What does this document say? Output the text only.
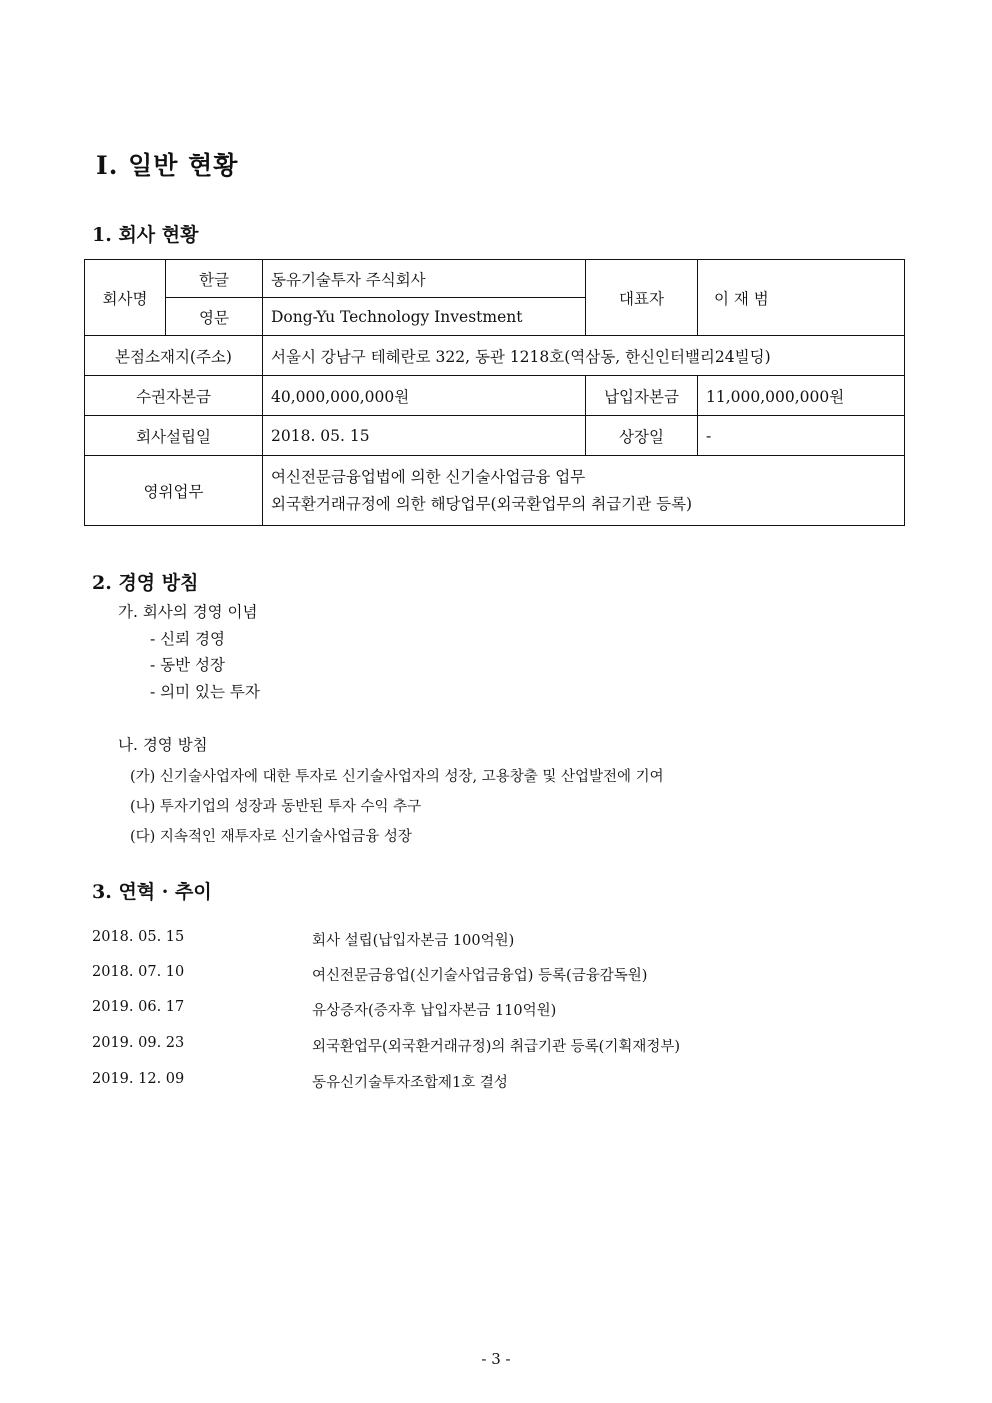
Ⅰ. 일반 현황
1. 회사 현황
회사명	한글	동유기술투자 주식회사	대표자	이 재 범
	영문	Dong-Yu Technology Investment		
본점소재지(주소)		서울시 강남구 테헤란로 322, 동관 1218호(역삼동, 한신인터밸리24빌딩)		
수권자본금		40,000,000,000원	납입자본금	11,000,000,000원
회사설립일		2018. 05. 15	상장일	-
영위업무		여신전문금융업법에 의한 신기술사업금융 업무
외국환거래규정에 의한 해당업무(외국환업무의 취급기관 등록)		
2. 경영 방침
가. 회사의 경영 이념
- 신뢰 경영
- 동반 성장
- 의미 있는 투자
나. 경영 방침
(가) 신기술사업자에 대한 투자로 신기술사업자의 성장, 고용창출 및 산업발전에 기여
(나) 투자기업의 성장과 동반된 투자 수익 추구
(다) 지속적인 재투자로 신기술사업금융 성장
3. 연혁 · 추이
2018. 05. 15	회사 설립(납입자본금 100억원)
2018. 07. 10	여신전문금융업(신기술사업금융업) 등록(금융감독원)
2019. 06. 17	유상증자(증자후 납입자본금 110억원)
2019. 09. 23	외국환업무(외국환거래규정)의 취급기관 등록(기획재정부)
2019. 12. 09	동유신기술투자조합제1호 결성
- 3 -
